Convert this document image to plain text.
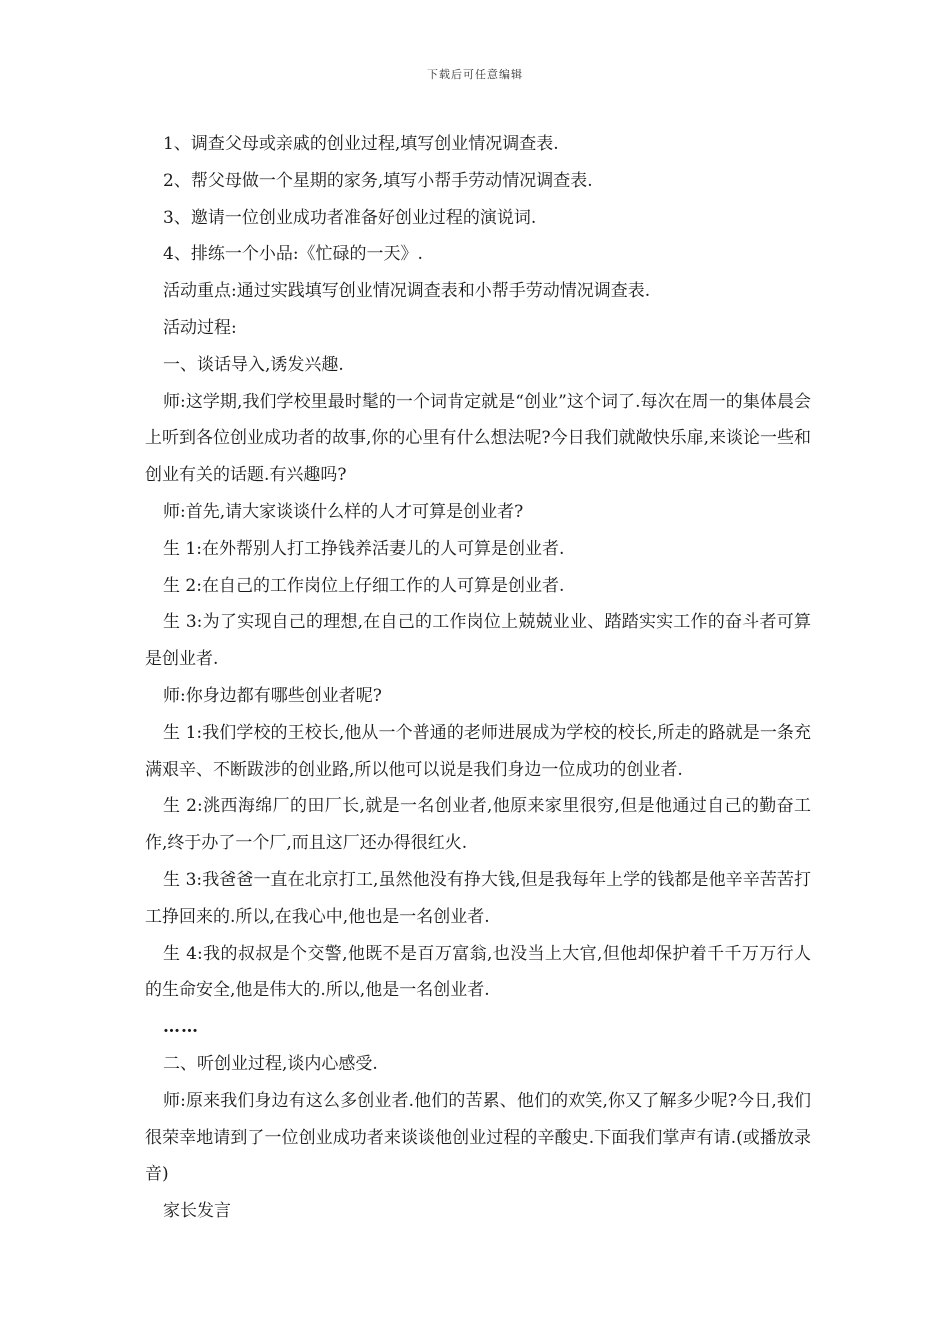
下载后可任意编辑

1、调查父母或亲戚的创业过程,填写创业情况调查表.

2、帮父母做一个星期的家务,填写小帮手劳动情况调查表.

3、邀请一位创业成功者准备好创业过程的演说词.

4、排练一个小品:《忙碌的一天》.

活动重点:通过实践填写创业情况调查表和小帮手劳动情况调查表.

活动过程:

一、谈话导入,诱发兴趣.

师:这学期,我们学校里最时髦的一个词肯定就是“创业”这个词了.每次在周一的集体晨会上听到各位创业成功者的故事,你的心里有什么想法呢?今日我们就敞快乐扉,来谈论一些和创业有关的话题.有兴趣吗?

师:首先,请大家谈谈什么样的人才可算是创业者?

生 1:在外帮别人打工挣钱养活妻儿的人可算是创业者.

生 2:在自己的工作岗位上仔细工作的人可算是创业者.

生 3:为了实现自己的理想,在自己的工作岗位上兢兢业业、踏踏实实工作的奋斗者可算是创业者.

师:你身边都有哪些创业者呢?

生 1:我们学校的王校长,他从一个普通的老师进展成为学校的校长,所走的路就是一条充满艰辛、不断跋涉的创业路,所以他可以说是我们身边一位成功的创业者.

生 2:洮西海绵厂的田厂长,就是一名创业者,他原来家里很穷,但是他通过自己的勤奋工作,终于办了一个厂,而且这厂还办得很红火.

生 3:我爸爸一直在北京打工,虽然他没有挣大钱,但是我每年上学的钱都是他辛辛苦苦打工挣回来的.所以,在我心中,他也是一名创业者.

生 4:我的叔叔是个交警,他既不是百万富翁,也没当上大官,但他却保护着千千万万行人的生命安全,他是伟大的.所以,他是一名创业者.

……

二、听创业过程,谈内心感受.

师:原来我们身边有这么多创业者.他们的苦累、他们的欢笑,你又了解多少呢?今日,我们很荣幸地请到了一位创业成功者来谈谈他创业过程的辛酸史.下面我们掌声有请.(或播放录音)

家长发言
